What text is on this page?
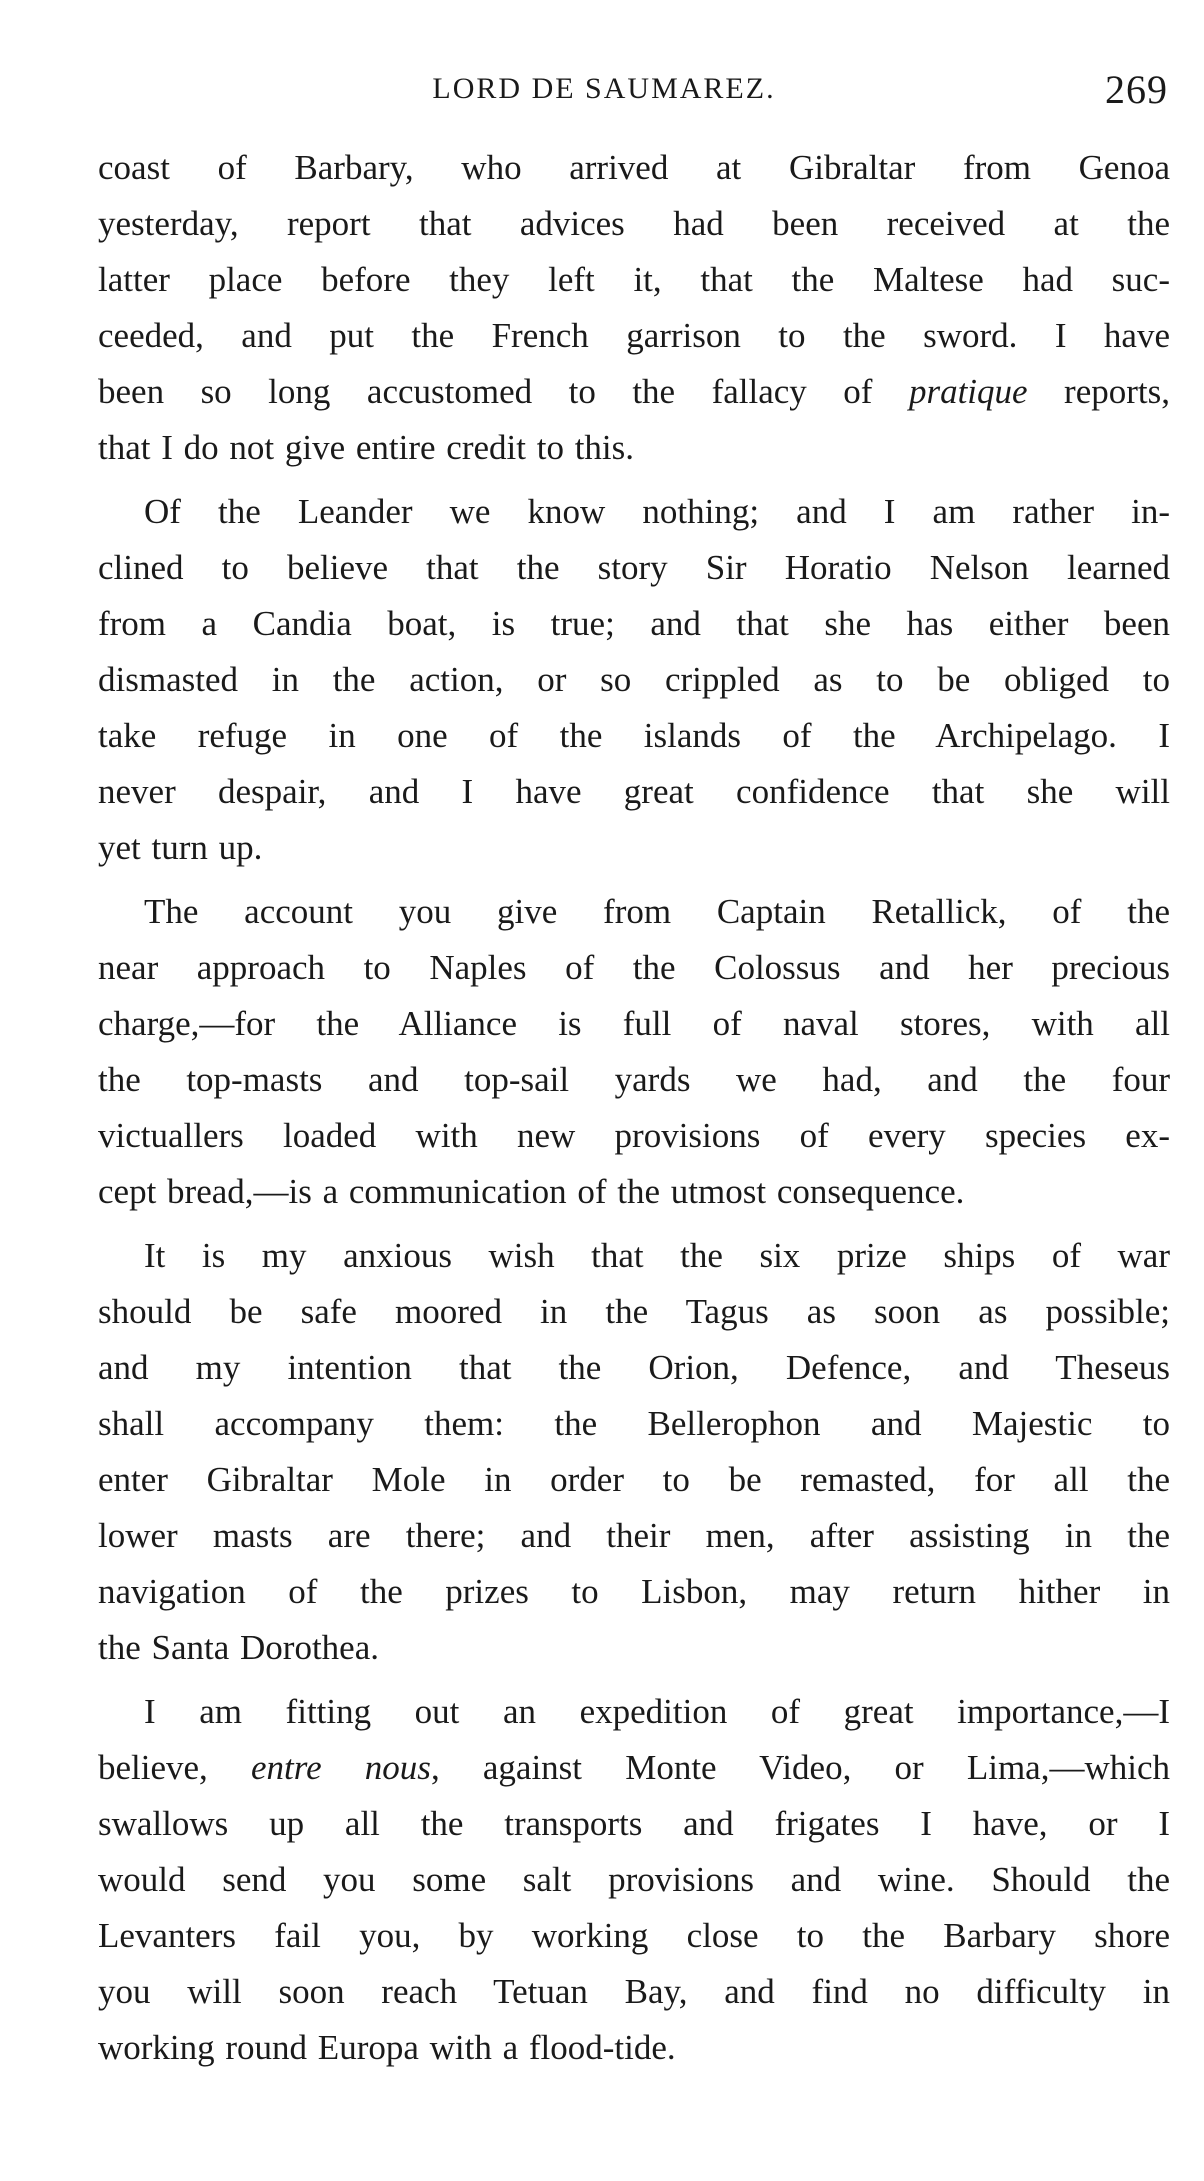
LORD DE SAUMAREZ.	269
coast of Barbary, who arrived at Gibraltar from Genoa
yesterday, report that advices had been received at the
latter place before they left it, that the Maltese had suc-
ceeded, and put the French garrison to the sword. I have
been so long accustomed to the fallacy of pratique reports,
that I do not give entire credit to this.
Of the Leander we know nothing; and I am rather in-
clined to believe that the story Sir Horatio Nelson learned
from a Candia boat, is true; and that she has either been
dismasted in the action, or so crippled as to be obliged to
take refuge in one of the islands of the Archipelago. I
never despair, and I have great confidence that she will
yet turn up.
The account you give from Captain Retallick, of the
near approach to Naples of the Colossus and her precious
charge,—for the Alliance is full of naval stores, with all
the top-masts and top-sail yards we had, and the four
victuallers loaded with new provisions of every species ex-
cept bread,—is a communication of the utmost consequence.
It is my anxious wish that the six prize ships of war
should be safe moored in the Tagus as soon as possible;
and my intention that the Orion, Defence, and Theseus
shall accompany them: the Bellerophon and Majestic to
enter Gibraltar Mole in order to be remasted, for all the
lower masts are there; and their men, after assisting in the
navigation of the prizes to Lisbon, may return hither in
the Santa Dorothea.
I am fitting out an expedition of great importance,—I
believe, entre nous, against Monte Video, or Lima,—which
swallows up all the transports and frigates I have, or I
would send you some salt provisions and wine. Should the
Levanters fail you, by working close to the Barbary shore
you will soon reach Tetuan Bay, and find no difficulty in
working round Europa with a flood-tide.
